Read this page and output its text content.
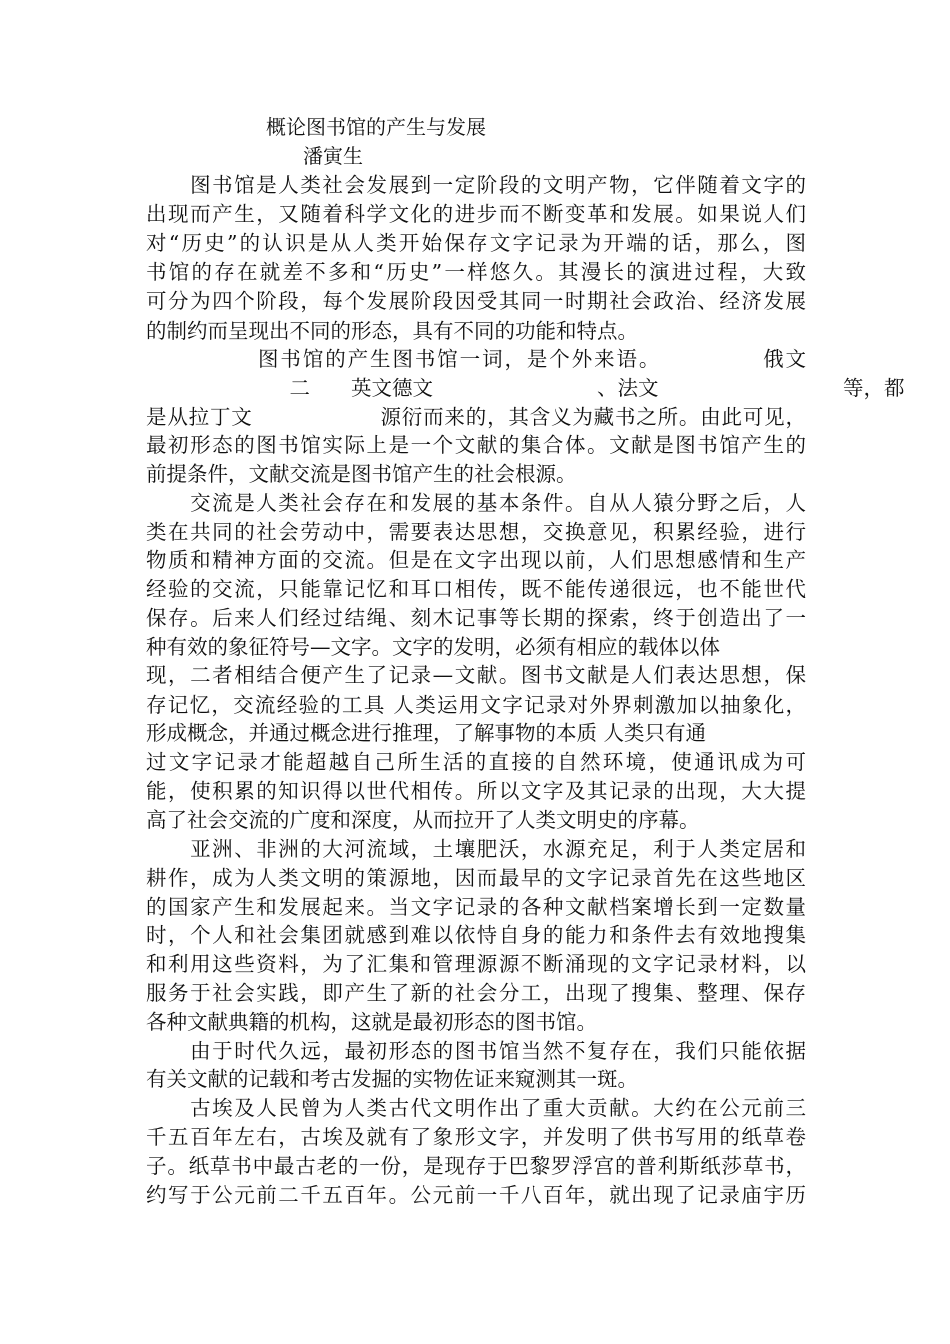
概论图书馆的产生与发展
潘寅生
　　图书馆是人类社会发展到一定阶段的文明产物，它伴随着文字的
出现而产生，又随着科学文化的进步而不断变革和发展。如果说人们
对“历史”的认识是从人类开始保存文字记录为开端的话，那么，图
书馆的存在就差不多和“历史”一样悠久。其漫长的演进过程，大致
可分为四个阶段，每个发展阶段因受其同一时期社会政治、经济发展
的制约而呈现出不同的形态，具有不同的功能和特点。
　　　　　图书馆的产生图书馆一词，是个外来语。　　　　　俄文
　　　　　　　二　　英文德文　　　　　　　　、法文　　　　　　　　　等，都
是从拉丁文　　　　　　源衍而来的，其含义为藏书之所。由此可见，
最初形态的图书馆实际上是一个文献的集合体。文献是图书馆产生的
前提条件，文献交流是图书馆产生的社会根源。
　　交流是人类社会存在和发展的基本条件。自从人猿分野之后，人
类在共同的社会劳动中，需要表达思想，交换意见，积累经验，进行
物质和精神方面的交流。但是在文字出现以前，人们思想感情和生产
经验的交流，只能靠记忆和耳口相传，既不能传递很远，也不能世代
保存。后来人们经过结绳、刻木记事等长期的探索，终于创造出了一
种有效的象征符号—文字。文字的发明，必须有相应的载体以体
现，二者相结合便产生了记录—文献。图书文献是人们表达思想，保
存记忆，交流经验的工具 人类运用文字记录对外界刺激加以抽象化，
形成概念，并通过概念进行推理，了解事物的本质 人类只有通
过文字记录才能超越自己所生活的直接的自然环境，使通讯成为可
能，使积累的知识得以世代相传。所以文字及其记录的出现，大大提
高了社会交流的广度和深度，从而拉开了人类文明史的序幕。
　　亚洲、非洲的大河流域，土壤肥沃，水源充足，利于人类定居和
耕作，成为人类文明的策源地，因而最早的文字记录首先在这些地区
的国家产生和发展起来。当文字记录的各种文献档案增长到一定数量
时，个人和社会集团就感到难以依恃自身的能力和条件去有效地搜集
和利用这些资料，为了汇集和管理源源不断涌现的文字记录材料，以
服务于社会实践，即产生了新的社会分工，出现了搜集、整理、保存
各种文献典籍的机构，这就是最初形态的图书馆。
　　由于时代久远，最初形态的图书馆当然不复存在，我们只能依据
有关文献的记载和考古发掘的实物佐证来窥测其一斑。
　　古埃及人民曾为人类古代文明作出了重大贡献。大约在公元前三
千五百年左右，古埃及就有了象形文字，并发明了供书写用的纸草卷
子。纸草书中最古老的一份，是现存于巴黎罗浮宫的普利斯纸莎草书，
约写于公元前二千五百年。公元前一千八百年，就出现了记录庙宇历
